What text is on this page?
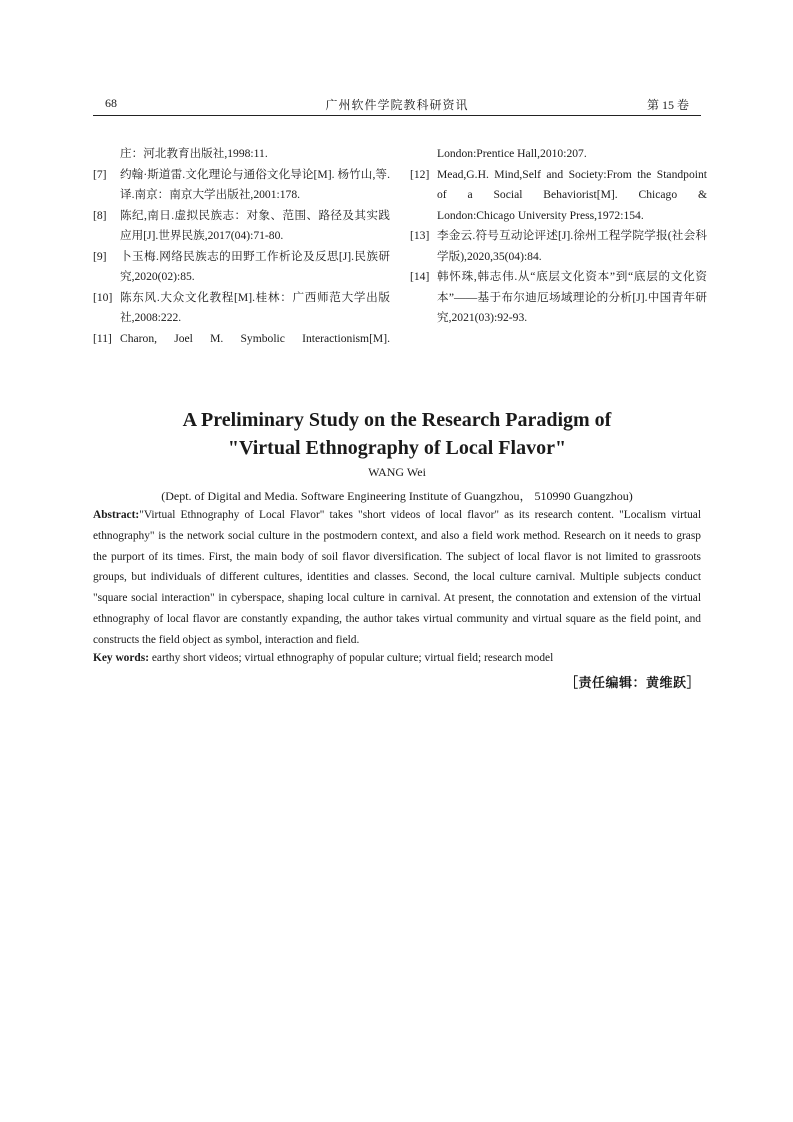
68	广州软件学院教科研资讯	第 15 卷
庄：河北教育出版社,1998:11.
[7] 约翰·斯道雷.文化理论与通俗文化导论[M]. 杨竹山,等.译.南京：南京大学出版社,2001:178.
[8] 陈纪,南日.虚拟民族志：对象、范围、路径及其实践应用[J].世界民族,2017(04):71-80.
[9] 卜玉梅.网络民族志的田野工作析论及反思[J].民族研究,2020(02):85.
[10] 陈东风.大众文化教程[M].桂林：广西师范大学出版社,2008:222.
[11] Charon, Joel M. Symbolic Interactionism[M].
London:Prentice Hall,2010:207.
[12] Mead,G.H. Mind,Self and Society:From the Standpoint
of a Social Behaviorist[M]. Chicago &
London:Chicago University Press,1972:154.
[13] 李金云.符号互动论评述[J].徐州工程学院学报(社会科学版),2020,35(04):84.
[14] 韩怀珠,韩志伟.从“底层文化资本”到“底层的文化资本”——基于布尔迪厄场域理论的分析[J].中国青年研究,2021(03):92-93.
A Preliminary Study on the Research Paradigm of
"Virtual Ethnography of Local Flavor"
WANG Wei
(Dept. of Digital and Media. Software Engineering Institute of Guangzhou， 510990 Guangzhou)
Abstract:"Virtual Ethnography of Local Flavor" takes "short videos of local flavor" as its research content. "Localism virtual ethnography" is the network social culture in the postmodern context, and also a field work method. Research on it needs to grasp the purport of its times. First, the main body of soil flavor diversification. The subject of local flavor is not limited to grassroots groups, but individuals of different cultures, identities and classes. Second, the local culture carnival. Multiple subjects conduct "square social interaction" in cyberspace, shaping local culture in carnival. At present, the connotation and extension of the virtual ethnography of local flavor are constantly expanding, the author takes virtual community and virtual square as the field point, and constructs the field object as symbol, interaction and field.
Key words: earthy short videos; virtual ethnography of popular culture; virtual field; research model
［责任编辑：黄维跃］
